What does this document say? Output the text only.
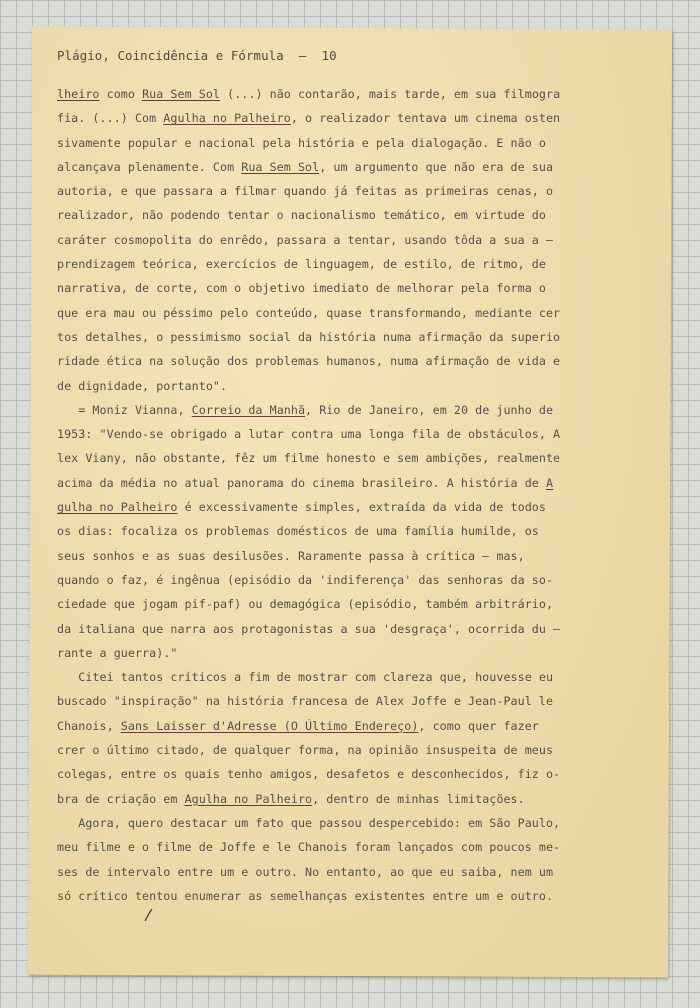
Plágio, Coincidência e Fórmula  –  10
lheiro como Rua Sem Sol (...) não contarão, mais tarde, em sua filmogra
fia. (...) Com Agulha no Palheiro, o realizador tentava um cinema osten
sivamente popular e nacional pela história e pela dialogação. E não o
alcançava plenamente. Com Rua Sem Sol, um argumento que não era de sua
autoria, e que passara a filmar quando já feitas as primeiras cenas, o
realizador, não podendo tentar o nacionalismo temático, em virtude do
caráter cosmopolita do enrêdo, passara a tentar, usando tôda a sua a –
prendizagem teórica, exercícios de linguagem, de estilo, de ritmo, de
narrativa, de corte, com o objetivo imediato de melhorar pela forma o
que era mau ou péssimo pelo conteúdo, quase transformando, mediante cer
tos detalhes, o pessimismo social da história numa afirmação da superio
ridade ética na solução dos problemas humanos, numa afirmação de vida e
de dignidade, portanto".
= Moniz Vianna, Correio da Manhã, Rio de Janeiro, em 20 de junho de
1953: "Vendo-se obrigado a lutar contra uma longa fila de obstáculos, A
lex Viany, não obstante, fêz um filme honesto e sem ambições, realmente
acima da média no atual panorama do cinema brasileiro. A história de A
gulha no Palheiro é excessivamente simples, extraída da vida de todos
os dias: focaliza os problemas domésticos de uma família humilde, os
seus sonhos e as suas desilusões. Raramente passa à crítica — mas,
quando o faz, é ingênua (episódio da 'indiferença' das senhoras da so-
ciedade que jogam pif-paf) ou demagógica (episódio, também arbitrário,
da italiana que narra aos protagonistas a sua 'desgraça', ocorrida du –
rante a guerra)."
Citei tantos críticos a fim de mostrar com clareza que, houvesse eu
buscado "inspiração" na história francesa de Alex Joffe e Jean-Paul le
Chanois, Sans Laisser d'Adresse (O Último Endereço), como quer fazer
crer o último citado, de qualquer forma, na opinião insuspeita de meus
colegas, entre os quais tenho amigos, desafetos e desconhecidos, fiz o-
bra de criação em Agulha no Palheiro, dentro de minhas limitações.
Agora, quero destacar um fato que passou despercebido: em São Paulo,
meu filme e o filme de Joffe e le Chanois foram lançados com poucos me-
ses de intervalo entre um e outro. No entanto, ao que eu saiba, nem um
só crítico tentou enumerar as semelhanças existentes entre um e outro.
